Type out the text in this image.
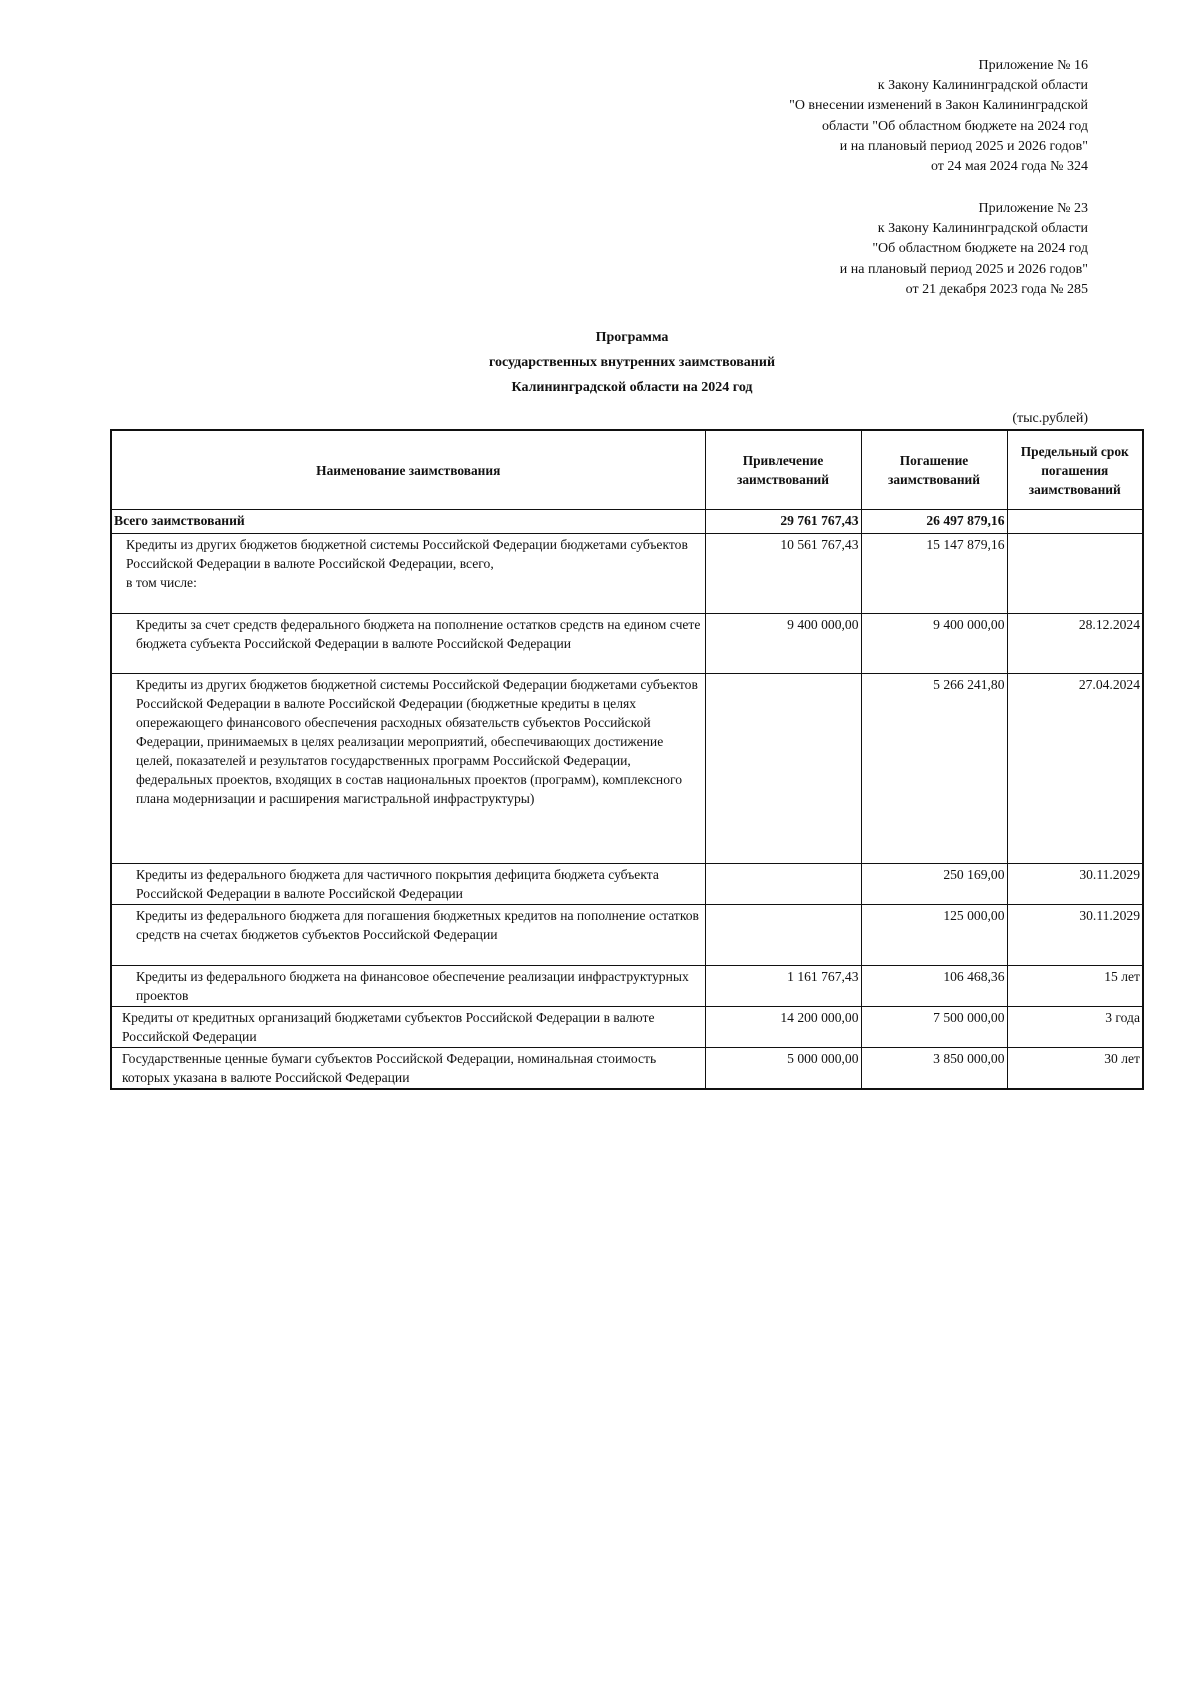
Приложение № 16
к Закону Калининградской области
"О внесении изменений в Закон Калининградской
области "Об областном бюджете на 2024 год
и на плановый период 2025 и 2026 годов"
от 24 мая 2024 года № 324
Приложение № 23
к Закону Калининградской области
"Об областном бюджете на 2024 год
и на плановый период 2025 и 2026 годов"
от 21 декабря 2023 года № 285
Программа
государственных внутренних заимствований
Калининградской области на 2024 год
(тыс.рублей)
Наименование заимствования	Привлечение заимствований	Погашение заимствований	Предельный срок погашения заимствований
Всего заимствований	29 761 767,43	26 497 879,16	
Кредиты из других бюджетов бюджетной системы Российской Федерации бюджетами субъектов Российской Федерации в валюте Российской Федерации, всего,
в том числе:	10 561 767,43	15 147 879,16	
Кредиты за счет средств федерального бюджета на пополнение остатков средств на едином счете бюджета субъекта Российской Федерации в валюте Российской Федерации	9 400 000,00	9 400 000,00	28.12.2024
Кредиты из других бюджетов бюджетной системы Российской Федерации бюджетами субъектов Российской Федерации в валюте Российской Федерации (бюджетные кредиты в целях опережающего финансового обеспечения расходных обязательств субъектов Российской Федерации, принимаемых в целях реализации мероприятий, обеспечивающих достижение целей, показателей и результатов государственных программ Российской Федерации, федеральных проектов, входящих в состав национальных проектов (программ), комплексного плана модернизации и расширения магистральной инфраструктуры)		5 266 241,80	27.04.2024
Кредиты из федерального бюджета для частичного покрытия дефицита бюджета субъекта Российской Федерации в валюте Российской Федерации		250 169,00	30.11.2029
Кредиты из федерального бюджета для погашения бюджетных кредитов на пополнение остатков средств на счетах бюджетов субъектов Российской Федерации		125 000,00	30.11.2029
Кредиты из федерального бюджета на финансовое обеспечение реализации инфраструктурных проектов	1 161 767,43	106 468,36	15 лет
Кредиты от кредитных организаций бюджетами субъектов Российской Федерации в валюте Российской Федерации	14 200 000,00	7 500 000,00	3 года
Государственные ценные бумаги субъектов Российской Федерации, номинальная стоимость которых указана в валюте Российской Федерации	5 000 000,00	3 850 000,00	30 лет
